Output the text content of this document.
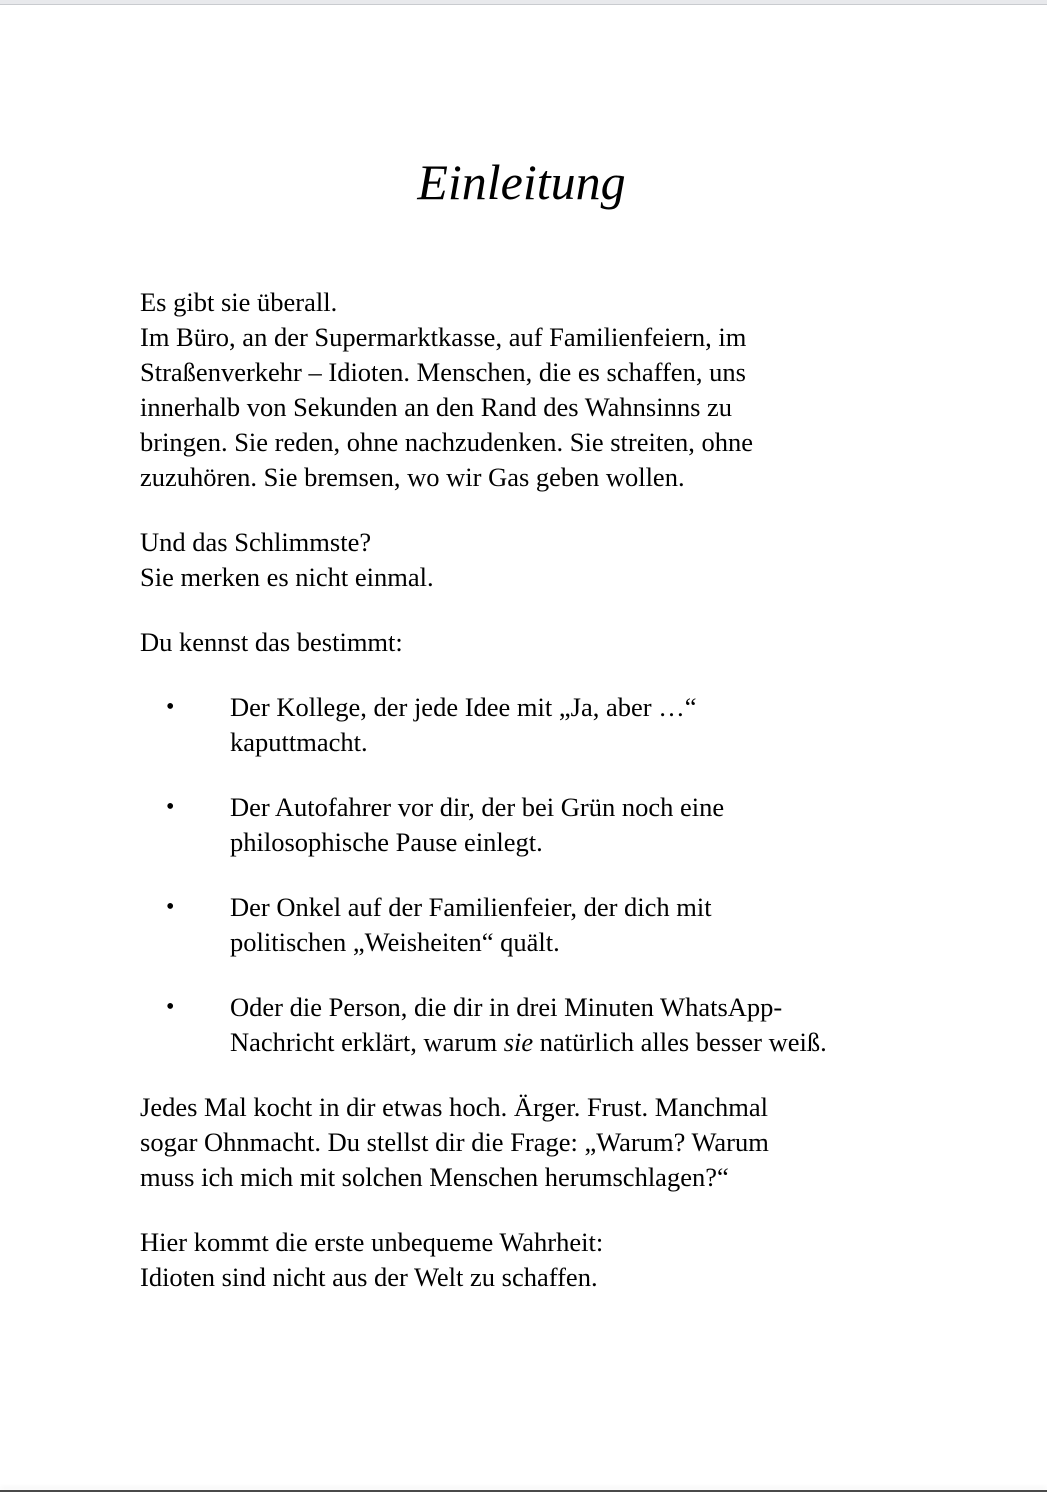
Einleitung

Es gibt sie überall.
Im Büro, an der Supermarktkasse, auf Familienfeiern, im
Straßenverkehr – Idioten. Menschen, die es schaffen, uns
innerhalb von Sekunden an den Rand des Wahnsinns zu
bringen. Sie reden, ohne nachzudenken. Sie streiten, ohne
zuzuhören. Sie bremsen, wo wir Gas geben wollen.

Und das Schlimmste?
Sie merken es nicht einmal.

Du kennst das bestimmt:

• Der Kollege, der jede Idee mit „Ja, aber …“
kaputtmacht.
• Der Autofahrer vor dir, der bei Grün noch eine
philosophische Pause einlegt.
• Der Onkel auf der Familienfeier, der dich mit
politischen „Weisheiten“ quält.
• Oder die Person, die dir in drei Minuten WhatsApp-
Nachricht erklärt, warum sie natürlich alles besser weiß.

Jedes Mal kocht in dir etwas hoch. Ärger. Frust. Manchmal
sogar Ohnmacht. Du stellst dir die Frage: „Warum? Warum
muss ich mich mit solchen Menschen herumschlagen?“

Hier kommt die erste unbequeme Wahrheit:
Idioten sind nicht aus der Welt zu schaffen.
